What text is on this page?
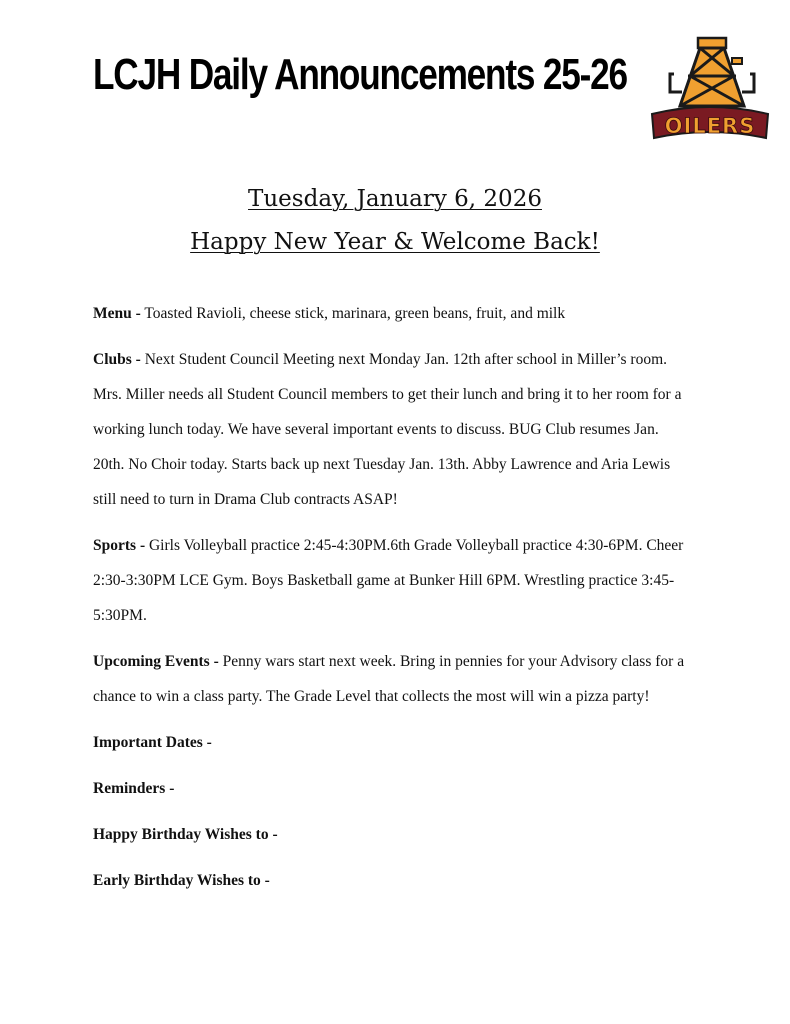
LCJH Daily Announcements 25-26
OILERS
Tuesday, January 6, 2026
Happy New Year & Welcome Back!

Menu - Toasted Ravioli, cheese stick, marinara, green beans, fruit, and milk

Clubs - Next Student Council Meeting next Monday Jan. 12th after school in Miller’s room. Mrs. Miller needs all Student Council members to get their lunch and bring it to her room for a working lunch today. We have several important events to discuss. BUG Club resumes Jan. 20th. No Choir today. Starts back up next Tuesday Jan. 13th. Abby Lawrence and Aria Lewis still need to turn in Drama Club contracts ASAP!

Sports - Girls Volleyball practice 2:45-4:30PM.6th Grade Volleyball practice 4:30-6PM. Cheer 2:30-3:30PM LCE Gym. Boys Basketball game at Bunker Hill 6PM. Wrestling practice 3:45-5:30PM.

Upcoming Events - Penny wars start next week. Bring in pennies for your Advisory class for a chance to win a class party. The Grade Level that collects the most will win a pizza party!

Important Dates -

Reminders -

Happy Birthday Wishes to -

Early Birthday Wishes to -
